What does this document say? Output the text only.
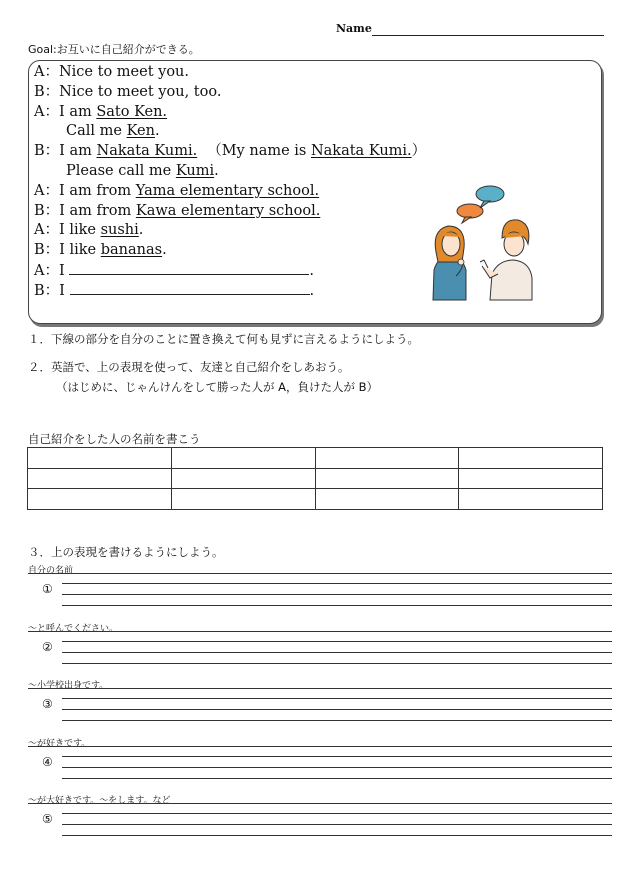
Name
Goal:お互いに自己紹介ができる。
A：Nice to meet you.
B：Nice to meet you, too.
A：I am Sato Ken.
Call me Ken.
B：I am Nakata Kumi. （My name is Nakata Kumi.）
Please call me Kumi.
A：I am from Yama elementary school.
B：I am from Kawa elementary school.
A：I like sushi.
B：I like bananas.
A：I	.
B：I	.
１．下線の部分を自分のことに置き換えて何も見ずに言えるようにしよう。
２．英語で、上の表現を使って、友達と自己紹介をしあおう。
（はじめに、じゃんけんをして勝った人が A，負けた人が B）
自己紹介をした人の名前を書こう

３．上の表現を書けるようにしよう。
自分の名前
①
～と呼んでください。
②
～小学校出身です。
③
～が好きです。
④
～が大好きです。～をします。など
⑤
